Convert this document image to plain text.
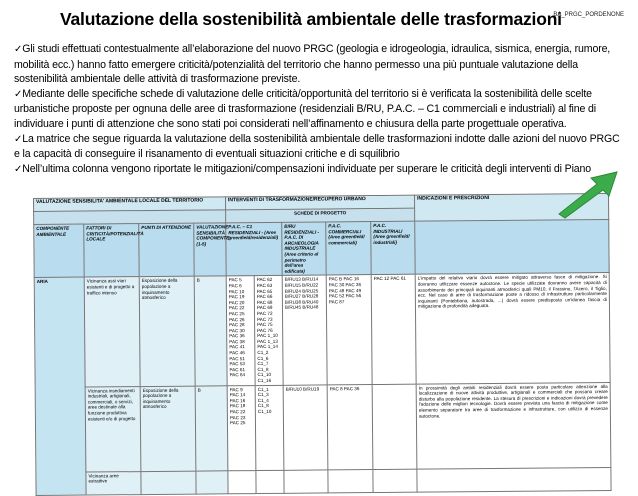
Valutazione della sostenibilità ambientale delle trasformazioni
BA_PRGC_PORDENONE

✓Gli studi effettuati contestualmente all’elaborazione del nuovo PRGC (geologia e idrogeologia, idraulica, sismica, energia, rumore, mobilità ecc.) hanno fatto emergere criticità/potenzialità del territorio che hanno permesso una più puntuale valutazione della sostenibilità ambientale delle attività di trasformazione previste.

✓Mediante delle specifiche schede di valutazione delle criticità/opportunità del territorio si è verificata la sostenibilità delle scelte urbanistiche proposte per ognuna delle aree di trasformazione (residenziali B/RU, P.A.C. – C1 commerciali e industriali) al fine di individuare i punti di attenzione che sono stati poi considerati nell’affinamento e chiusura della parte progettuale operativa.

✓La matrice che segue riguarda la valutazione della sostenibilità ambientale delle trasformazioni indotte dalle azioni del nuovo PRGC e la capacità di conseguire il risanamento di eventuali situazioni critiche e di squilibrio

✓Nell’ultima colonna vengono riportate le mitigazioni/compensazioni individuate per superare le criticità degli interventi di Piano

VALUTAZIONE SENSIBILITA' AMBIENTALE LOCALE DEL TERRITORIO				INTERVENTI DI TRASFORMAZIONE/RECUPERO URBANO					INDICAZIONI E PRESCRIZIONI
				SCHEDE DI PROGETTO					
COMPONENTE AMBIENTALE	FATTORI DI CRITICITÀ/POTENZIALITÀ LOCALE	PUNTI DI ATTENZIONE	VALUTAZIONE SENSIBILITÀ COMPONENTE (1-5)	P.A.C. – C1 RESIDENZIALI - (Aree greenfield/residenziali)		B/RU RESIDENZIALI - P.A.C. DI ARCHEOLOGIA INDUSTRIALE (Aree criterio al perimetro dell'area edificata)	P.A.C. COMMERCIALI (Aree greenfield/ commerciali)	P.A.C. INDUSTRIALI (Aree greenfield/ industriali)	
ARIA	Vicinanza assi viari esistenti e di progetto a traffico intenso	Esposizione della popolazione a inquinamento atmosferico	B	PAC 5 PAC 6 PAC 10 PAC 19 PAC 20 PAC 22 PAC 25 PAC 26 PAC 28 PAC 30 PAC 36 PAC 38 PAC 41 PAC 46 PAC 51 PAC 53 PAC 61 PAC 64	PAC 62 PAC 63 PAC 65 PAC 66 PAC 68 PAC 69 PAC 72 PAC 73 PAC 75 PAC 76 PAC 1_10 PAC 1_13 PAC 1_14 C1_2 C1_6 C1_7 C1_8 C1_10 C1_16	B/RU13 B/RU14 B/RU15 B/RU22 B/RU24 B/RU25 B/RU27 B/RU28 B/RU38 B/RU40 B/RU45 B/RU48	PAC B PAC 16 PAC 30 PAC 36 PAC 48 PAC 49 PAC 52 PAC 56 PAC 87	PAC 12 PAC 61	L'impatto del relativo viario dovrà essere mitigato attraverso fasce di mitigazione. Si dovranno utilizzare essenze autoctone. Le specie utilizzate dovranno avere capacità di assorbimento dei principali inquinanti atmosferici quali PM10, il Frassino, l'Acero, il Tiglio, ecc. Nel caso di aree di trasformazione poste a ridosso di infrastrutture particolarmente inquinanti (Pontebbana, autostrada, ...) dovrà essere predisposta un'idonea fascia di mitigazione di profondità adeguata.
	Vicinanza insediamenti industriali, artigianali, commerciali, o servizi, aree destinate alla funzione produttiva esistenti e/o di progetto	Esposizione della popolazione a inquinamento atmosferico	B	PAC 9 PAC 14 PAC 16 PAC 18 PAC 22 PAC 23 PAC 25	C1_1 C1_3 C1_4 C1_8 C1_10	B/RU10 B/RU19	PAC 8 PAC 36		In prossimità degli ambiti residenziali dovrà essere posta particolare attenzione alla localizzazione di nuove attività produttive, artigianali e commerciali che possano creare disturbo alla popolazione residente. La stesura di prescrizioni e indicazioni dovrà prevedere l'adozione delle migliori tecnologie. Dovrà essere prevista una fascia di mitigazione come elemento separatore tra aree di trasformazione e infrastrutture, con utilizzo di essenze autoctone.
	Vicinanza aree estrattive								
